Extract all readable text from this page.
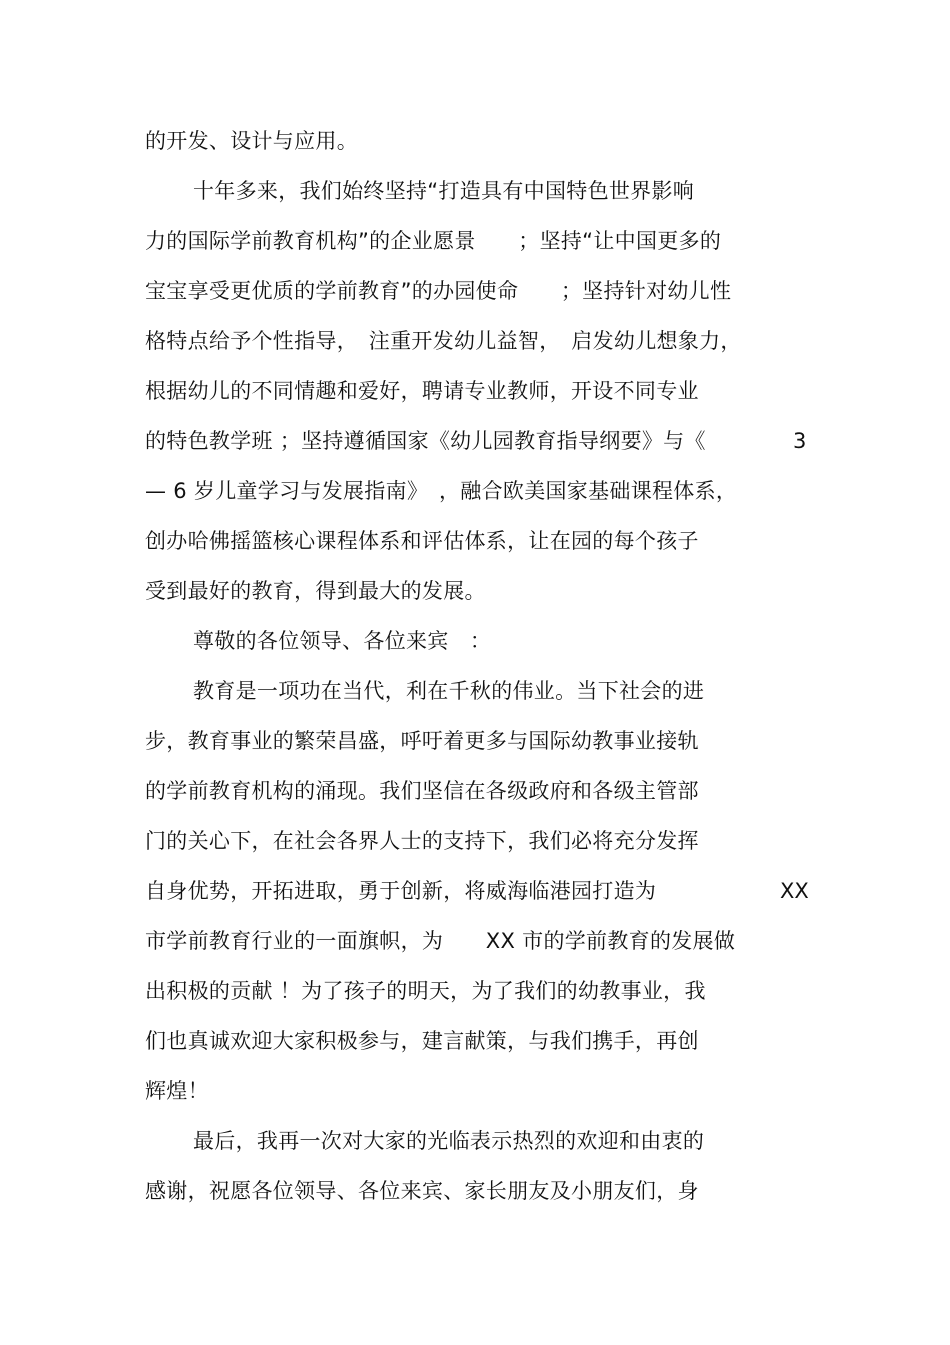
的开发、设计与应用。
十年多来，我们始终坚持“打造具有中国特色世界影响
力的国际学前教育机构”的企业愿景　　；坚持“让中国更多的
宝宝享受更优质的学前教育”的办园使命　　；坚持针对幼儿性
格特点给予个性指导，　注重开发幼儿益智，　启发幼儿想象力，
根据幼儿的不同情趣和爱好，聘请专业教师，开设不同专业
的特色教学班 ；坚持遵循国家《幼儿园教育指导纲要》与《	3
— 6 岁儿童学习与发展指南》　，融合欧美国家基础课程体系，
创办哈佛摇篮核心课程体系和评估体系，让在园的每个孩子
受到最好的教育，得到最大的发展。
尊敬的各位领导、各位来宾　：
教育是一项功在当代，利在千秋的伟业。当下社会的进
步，教育事业的繁荣昌盛，呼吁着更多与国际幼教事业接轨
的学前教育机构的涌现。我们坚信在各级政府和各级主管部
门的关心下，在社会各界人士的支持下，我们必将充分发挥
自身优势，开拓进取，勇于创新，将威海临港园打造为	XX
市学前教育行业的一面旗帜，为　　XX 市的学前教育的发展做
出积极的贡献 ！为了孩子的明天，为了我们的幼教事业，我
们也真诚欢迎大家积极参与，建言献策，与我们携手，再创
辉煌！
最后，我再一次对大家的光临表示热烈的欢迎和由衷的
感谢，祝愿各位领导、各位来宾、家长朋友及小朋友们，身
